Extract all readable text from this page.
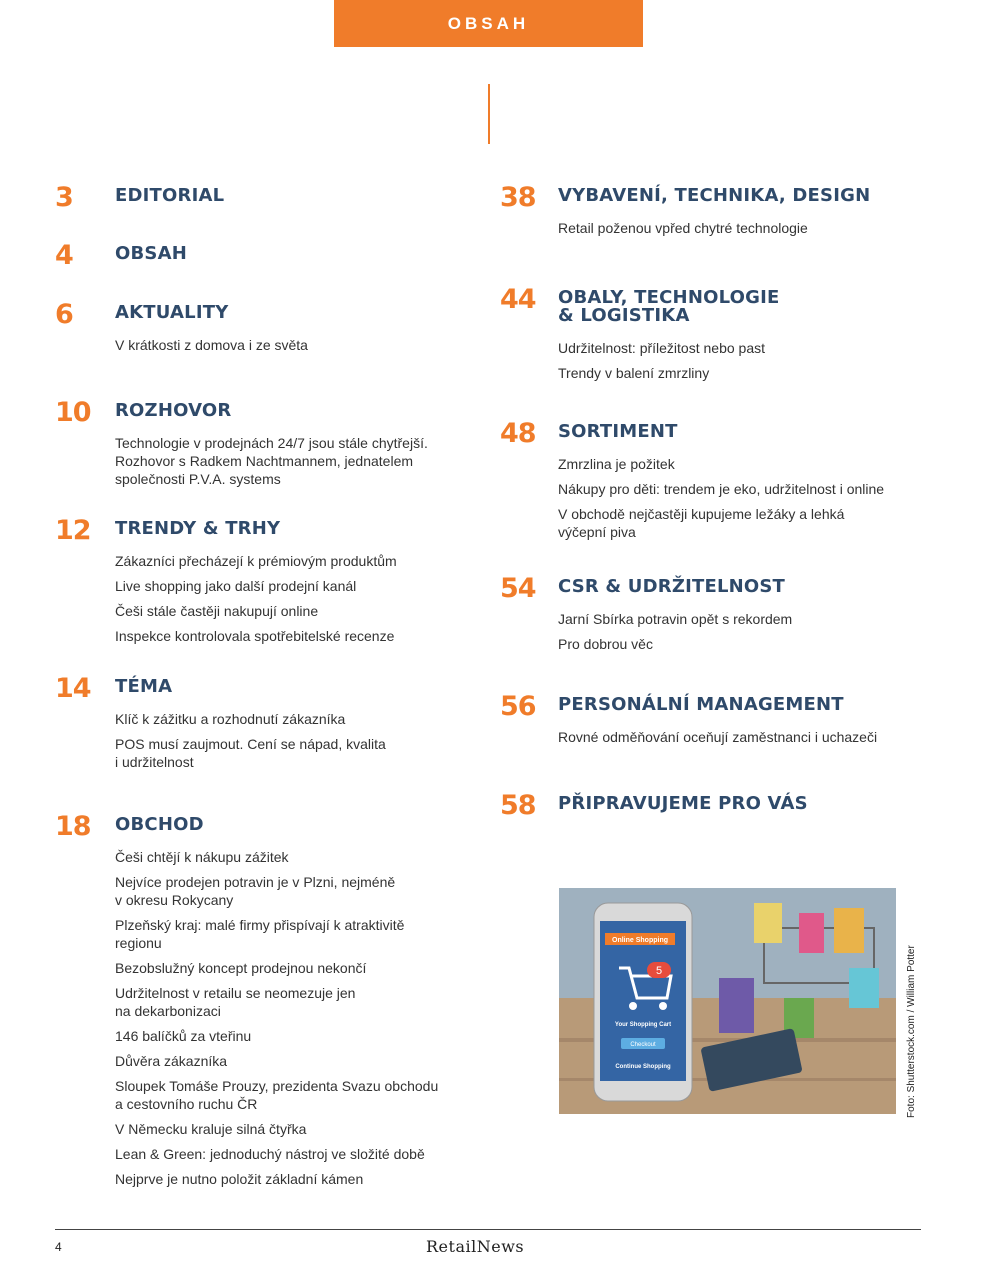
OBSAH
3 EDITORIAL
4 OBSAH
6 AKTUALITY
V krátkosti z domova i ze světa
10 ROZHOVOR
Technologie v prodejnách 24/7 jsou stále chytřejší.
Rozhovor s Radkem Nachtmannem, jednatelem
společnosti P.V.A. systems
12 TRENDY & TRHY
Zákazníci přecházejí k prémiovým produktům
Live shopping jako další prodejní kanál
Češi stále častěji nakupují online
Inspekce kontrolovala spotřebitelské recenze
14 TÉMA
Klíč k zážitku a rozhodnutí zákazníka
POS musí zaujmout. Cení se nápad, kvalita
i udržitelnost
18 OBCHOD
Češi chtějí k nákupu zážitek
Nejvíce prodejen potravin je v Plzni, nejméně
v okresu Rokycany
Plzeňský kraj: malé firmy přispívají k atraktivitě
regionu
Bezobslužný koncept prodejnou nekončí
Udržitelnost v retailu se neomezuje jen
na dekarbonizaci
146 balíčků za vteřinu
Důvěra zákazníka
Sloupek Tomáše Prouzy, prezidenta Svazu obchodu
a cestovního ruchu ČR
V Německu kraluje silná čtyřka
Lean & Green: jednoduchý nástroj ve složité době
Nejprve je nutno položit základní kámen
38 VYBAVENÍ, TECHNIKA, DESIGN
Retail poženou vpřed chytré technologie
44 OBALY, TECHNOLOGIE
& LOGISTIKA
Udržitelnost: příležitost nebo past
Trendy v balení zmrzliny
48 SORTIMENT
Zmrzlina je požitek
Nákupy pro děti: trendem je eko, udržitelnost i online
V obchodě nejčastěji kupujeme ležáky a lehká
výčepní piva
54 CSR & UDRŽITELNOST
Jarní Sbírka potravin opět s rekordem
Pro dobrou věc
56 PERSONÁLNÍ MANAGEMENT
Rovné odměňování oceňují zaměstnanci i uchazeči
58 PŘIPRAVUJEME PRO VÁS
Online Shopping
5
Your Shopping Cart
Checkout
Continue Shopping	Foto: Shutterstock.com / William Potter
4	RetailNews
